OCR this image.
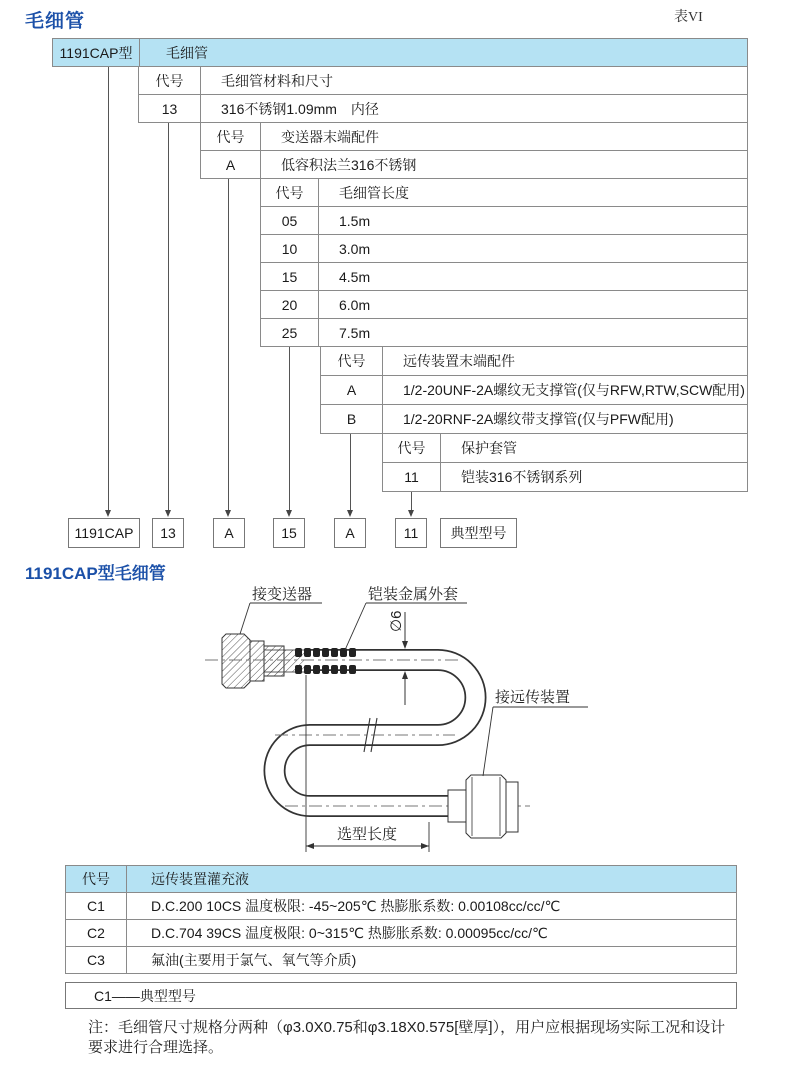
毛细管	表VI
1191CAP型	毛细管
代号	毛细管材料和尺寸
13	316不锈钢1.09mm　内径
代号	变送器末端配件
A	低容积法兰316不锈钢
代号	毛细管长度
05	1.5m
10	3.0m
15	4.5m
20	6.0m
25	7.5m
代号	远传装置末端配件
A	1/2-20UNF-2A螺纹无支撑管(仅与RFW,RTW,SCW配用)
B	1/2-20RNF-2A螺纹带支撑管(仅与PFW配用)
代号	保护套管
11	铠装316不锈钢系列
1191CAP	13	A	15	A	11	典型型号
1191CAP型毛细管
∅6
选型长度
接变送器	铠装金属外套
接远传装置
代号	远传装置灌充液
C1	D.C.200 10CS 温度极限: -45~205℃ 热膨胀系数: 0.00108cc/cc/℃
C2	D.C.704 39CS 温度极限: 0~315℃ 热膨胀系数: 0.00095cc/cc/℃
C3	氟油(主要用于氯气、氧气等介质)
C1——典型型号
注：毛细管尺寸规格分两种（φ3.0X0.75和φ3.18X0.575[壁厚]），用户应根据现场实际工况和设计要求进行合理选择。
